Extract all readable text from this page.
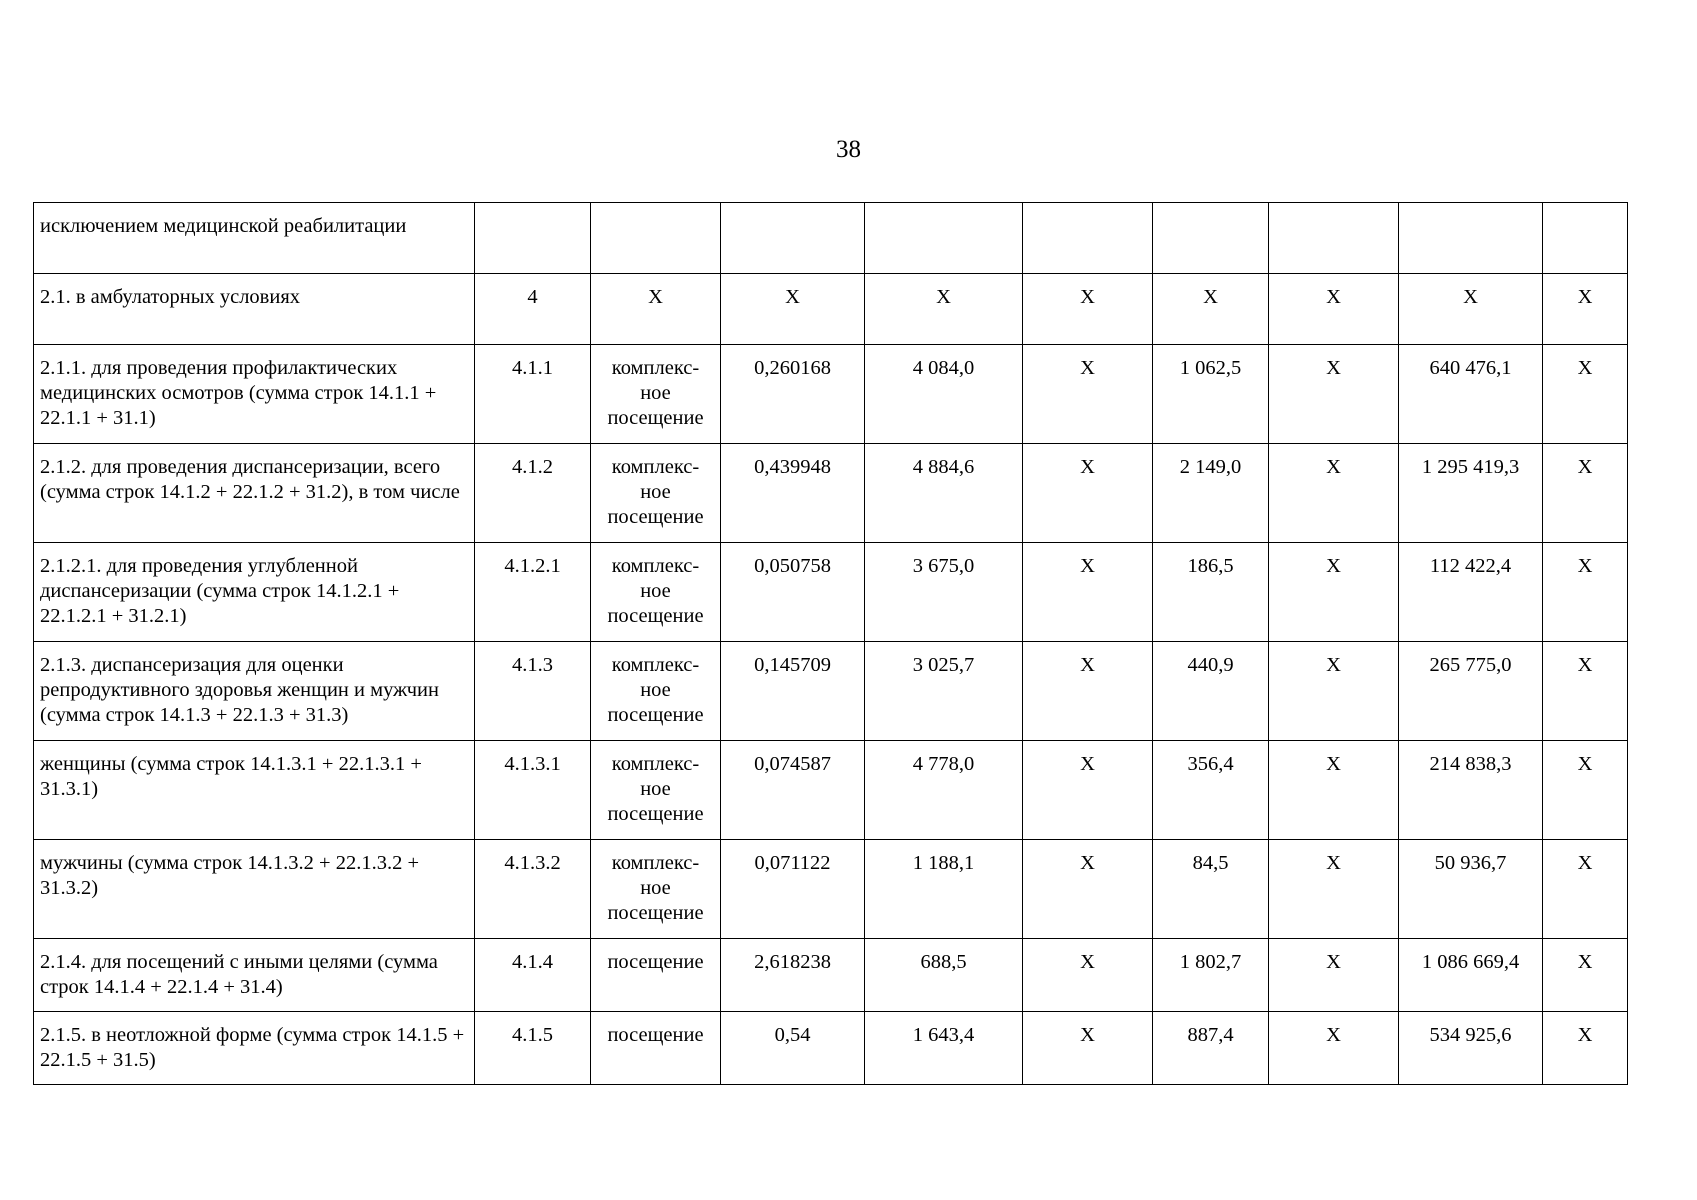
38
исключением медицинской реабилитации									
2.1. в амбулаторных условиях	4	Х	Х	Х	Х	Х	Х	Х	Х
2.1.1. для проведения профилактических медицинских осмотров (сумма строк 14.1.1 + 22.1.1 + 31.1)	4.1.1	комплекс-ное посещение	0,260168	4 084,0	Х	1 062,5	Х	640 476,1	Х
2.1.2. для проведения диспансеризации, всего (сумма строк 14.1.2 + 22.1.2 + 31.2), в том числе	4.1.2	комплекс-ное посещение	0,439948	4 884,6	Х	2 149,0	Х	1 295 419,3	Х
2.1.2.1. для проведения углубленной диспансеризации (сумма строк 14.1.2.1 + 22.1.2.1 + 31.2.1)	4.1.2.1	комплекс-ное посещение	0,050758	3 675,0	Х	186,5	Х	112 422,4	Х
2.1.3. диспансеризация для оценки репродуктивного здоровья женщин и мужчин (сумма строк 14.1.3 + 22.1.3 + 31.3)	4.1.3	комплекс-ное посещение	0,145709	3 025,7	Х	440,9	Х	265 775,0	Х
женщины (сумма строк 14.1.3.1 + 22.1.3.1 + 31.3.1)	4.1.3.1	комплекс-ное посещение	0,074587	4 778,0	Х	356,4	Х	214 838,3	Х
мужчины (сумма строк 14.1.3.2 + 22.1.3.2 + 31.3.2)	4.1.3.2	комплекс-ное посещение	0,071122	1 188,1	Х	84,5	Х	50 936,7	Х
2.1.4. для посещений с иными целями (сумма строк 14.1.4 + 22.1.4 + 31.4)	4.1.4	посещение	2,618238	688,5	Х	1 802,7	Х	1 086 669,4	Х
2.1.5. в неотложной форме (сумма строк 14.1.5 + 22.1.5 + 31.5)	4.1.5	посещение	0,54	1 643,4	Х	887,4	Х	534 925,6	Х
